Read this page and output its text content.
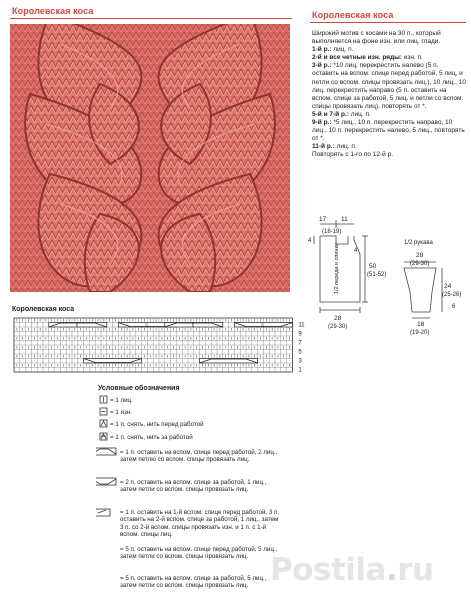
Королевская коса	Королевская коса

Широкий мотив с косами на 30 п., который выполняется на фоне изн. или лиц. глади.

1-й р.: лиц. п.

2-й и все четные изн. ряды: изн. п.

3-й р.: *10 лиц, перекрестить налево (5 п. оставить на вспом. спице перед работой, 5 лиц, и петли со вспом. спицы провязать лиц.), 10 лиц., 10 лиц. перекрестить направо (5 п. оставить на вспом. спице за работой, 5 лиц. и петли со вспом. спицы провязать лиц), повторять от *.

5-й и 7-й р.: лиц. п.

9-й р.: *5 лиц., 10 п. перекрестить направо, 10 лиц., 10 п. перекрестить налево, 5 лиц., повторять от *.

11-й р.: лиц. п.

Повторять с 1-го по 12-й р.

17 11
(18-19)
4
4
50
(51-52)
1/2 переда и спинки
28
(29-30)
1/2 рукава
28
(29-30)
24
(25-26)
6
18
(19-20)
Королевская коса
5	5	5	5	11
9
7
5
3
1
Условные обозначения
= 1 лиц.
= 1 изн.
= 1 п. снять, нить перед работой
= 1 п. снять, нить за работой
= 1 п. оставить на вспом. спице перед работой, 2 лиц., затем петлю со вспом. спицы провязать лиц.
= 2 п. оставить на вспом. спице за работой, 1 лиц., затем петли со вспом. спицы провязать лиц.
= 1 п. оставить на 1-й вспом. спице перед работой, 3 п. оставить на 2-й вспом. спице за работой, 1 лиц., затем 3 п. со 2-й вспом. спицы провязать изн. и 1 п. с 1-й вспом. спицы лиц.
= 5 п. оставить на вспом. спице перед работой, 5 лиц., затем петли со вспом. спицы провязать лиц.
= 5 п. оставить на вспом. спице за работой, 5 лиц., затем петли со вспом. спицы провязать лиц. Postila.ru
